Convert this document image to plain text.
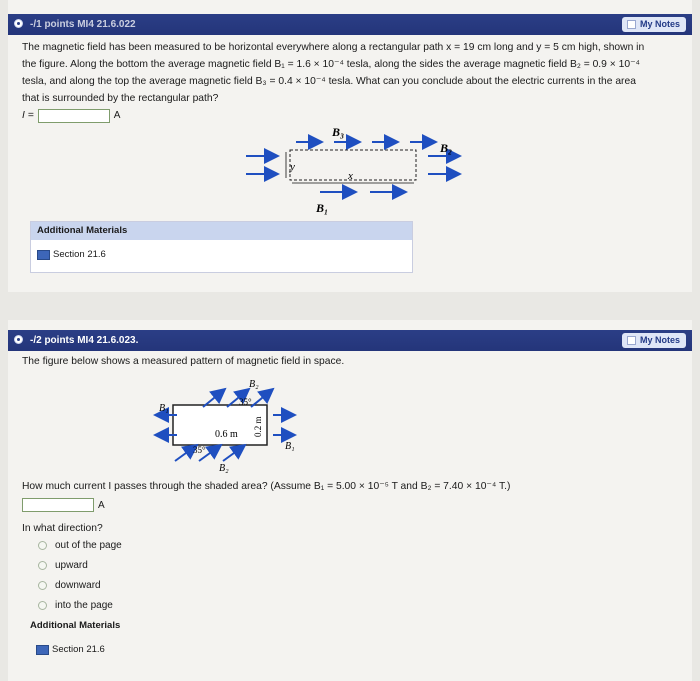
-/1 points MI4 21.6.022	My Notes
The magnetic field has been measured to be horizontal everywhere along a rectangular path x = 19 cm long and y = 5 cm high, shown in
the figure. Along the bottom the average magnetic field B₁ = 1.6 × 10⁻⁴ tesla, along the sides the average magnetic field B₂ = 0.9 × 10⁻⁴
tesla, and along the top the average magnetic field B₃ = 0.4 × 10⁻⁴ tesla. What can you conclude about the electric currents in the area
that is surrounded by the rectangular path?
I =	A
y
x
B₃
B₂
B₁
Additional Materials
Section 21.6
-/2 points MI4 21.6.023.	My Notes
The figure below shows a measured pattern of magnetic field in space.
B₂
B₁
B₁
B₂
0.6 m 0.2 m
35°
35°
How much current I passes through the shaded area? (Assume B₁ = 5.00 × 10⁻⁵ T and B₂ = 7.40 × 10⁻⁴ T.)
A
In what direction?
out of the page
upward
downward
into the page
Additional Materials
Section 21.6
